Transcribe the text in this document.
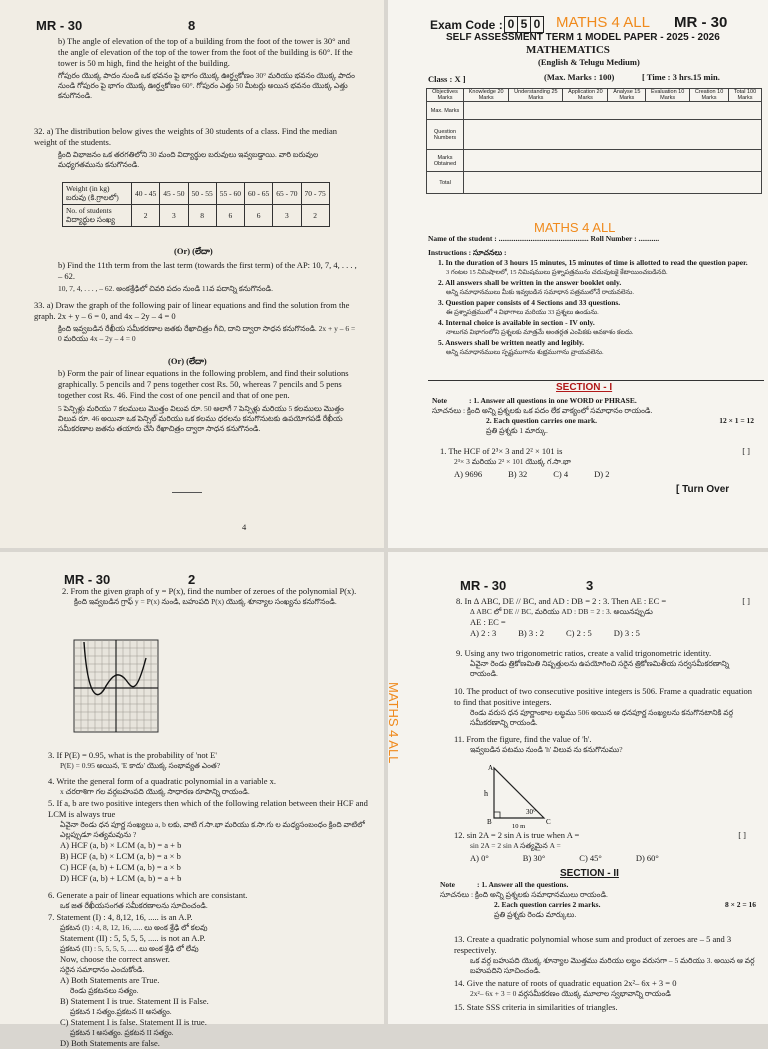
MR - 30	8
b) The angle of elevation of the top of a building from the foot of the tower is 30° and the angle of elevation of the top of the tower from the foot of the building is 60°. If the tower is 50 m high, find the height of the building.
గోపురం యొక్క పాదం నుండి ఒక భవనం పై భాగం యొక్క ఊర్ధ్వకోణం 30° మరియు భవనం యొక్క పాదం నుండి గోపురం పై భాగం యొక్క ఊర్ధ్వకోణం 60°. గోపురం ఎత్తు 50 మీటర్లు అయిన భవనం యొక్క ఎత్తు కనుగొనండి.
32. a) The distribution below gives the weights of 30 students of a class. Find the median weight of the students.
క్రింది విభాజనం ఒక తరగతిలోని 30 మంది విద్యార్థుల బరువులు ఇవ్వబడ్డాయి. వారి బరువుల మధ్యగతమును కనుగొనండి.
Weight (in kg)
బరువు (కి.గ్రాలలో)	40 - 45	45 - 50	50 - 55	55 - 60	60 - 65	65 - 70	70 - 75
No. of students
విద్యార్థుల సంఖ్య	2	3	8	6	6	3	2
(Or) (లేదా)
b) Find the 11th term from the last term (towards the first term) of the AP: 10, 7, 4, . . . , – 62.
10, 7, 4, . . . , – 62. అంకశ్రేఢిలో చివరి పదం నుండి 11వ పదాన్ని కనుగొనండి.
33. a) Draw the graph of the following pair of linear equations and find the solution from the graph. 2x + y – 6 = 0, and 4x – 2y – 4 = 0
క్రింది ఇవ్వబడిన రేఖీయ సమీకరణాల జతకు రేఖాచిత్రం గీచి, దాని ద్వారా సాధన కనుగొనండి. 2x + y – 6 = 0 మరియు 4x – 2y – 4 = 0
(Or) (లేదా)
b) Form the pair of linear equations in the following problem, and find their solutions graphically. 5 pencils and 7 pens together cost Rs. 50, whereas 7 pencils and 5 pens together cost Rs. 46. Find the cost of one pencil and that of one pen.
5 పెన్సిళ్లు మరియు 7 కలములు మొత్తం విలువ రూ. 50 అలాగే 7 పెన్సిళ్లు మరియు 5 కలములు మొత్తం విలువ రూ. 46 అయినా ఒక పెన్సిల్ మరియు ఒక కలము ధరలను కనుగొనుటకు ఉపయోగపడే రేఖీయ సమీకరణాల జతను తయారు చేసి రేఖాచిత్రం ద్వారా సాధన కనుగొనండి.
4
Exam Code : 0 5 0 MATHS 4 ALL MR - 30
SELF ASSESSMENT TERM 1 MODEL PAPER - 2025 - 2026
MATHEMATICS
(English & Telugu Medium)
Class : X ]	(Max. Marks : 100)	[ Time : 3 hrs.15 min.
Objectives Marks	Knowledge 20 Marks	Understanding 25 Marks	Application 20 Marks	Analyse 15 Marks	Evaluation 10 Marks	Creation 10 Marks	Total 100 Marks
Max. Marks							
Question Numbers							
Marks Obtained							
Total							
MATHS 4 ALL
Name of the student : ................................................ Roll Number : ...........
Instructions : సూచనలు :
1. In the duration of 3 hours 15 minutes, 15 minutes of time is allotted to read the question paper.
3 గంటల 15 నిమిషాలలో, 15 నిమిషములు ప్రశ్నాపత్రమును చదువుటకై కేటాయించబడినది.
2. All answers shall be written in the answer booklet only.
అన్ని సమాధానములు మీకు ఇవ్వబడిన సమాధాన పత్రములోనే రాయవలెను.
3. Question paper consists of 4 Sections and 33 questions.
ఈ ప్రశ్నాపత్రములో 4 విభాగాలు మరియు 33 ప్రశ్నలు ఉండును.
4. Internal choice is available in section - IV only.
నాలుగవ విభాగంలోని ప్రశ్నలకు మాత్రమే అంతర్గత ఎంపికకు అవకాశం కలదు.
5. Answers shall be written neatly and legibly.
అన్ని సమాధానములు స్పష్టముగాను శుభ్రముగాను వ్రాయవలెను.
SECTION - I
Note	: 1. Answer all questions in one WORD or PHRASE.
సూచనలు : క్రింది అన్ని ప్రశ్నలకు ఒక పదం లేక వాక్యంలో సమాధానం రాయండి.
2. Each question carries one mark.	12 × 1 = 12
ప్రతి ప్రశ్నకు 1 మార్కు.
1. The HCF of 2³× 3 and 2² × 101 is	[ ]
2³× 3 మరియు 2² × 101 యొక్క గ.సా.భా
A) 9696	B) 32	C) 4	D) 2
[ Turn Over
MR - 30	2
2. From the given graph of y = P(x), find the number of zeroes of the polynomial P(x).
క్రింది ఇవ్వబడిన గ్రాఫ్ y = P(x) నుండి, బహుపది P(x) యొక్క శూన్యాల సంఖ్యను కనుగొనండి.
3. If P(E) = 0.95, what is the probability of 'not E'
P(E) = 0.95 అయిన, 'E కాదు' యొక్క సంభావ్యత ఎంత?
4. Write the general form of a quadratic polynomial in a variable x.
x చరరాశిగా గల వర్గబహుపది యొక్క సాధారణ రూపాన్ని రాయండి.
5. If a, b are two positive integers then which of the following relation between their HCF and LCM is always true
ఏవైనా రెండు ధన పూర్ణ సంఖ్యలు a, b లకు, వాటి గ.సా.భా మరియు క.సా.గు ల మధ్యసంబంధం క్రింది వాటిలో ఎల్లప్పుడూ సత్యమవును ?
A) HCF (a, b) × LCM (a, b) = a + b
B) HCF (a, b) × LCM (a, b) = a × b
C) HCF (a, b) + LCM (a, b) = a × b
D) HCF (a, b) + LCM (a, b) = a + b
6. Generate a pair of linear equations which are consistant.
ఒక జత రేఖీయసంగత సమీకరణాలను సూచించండి.
7. Statement (I) : 4, 8,12, 16, ..... is an A.P.
ప్రకటన (I) : 4, 8, 12, 16, ..... లు అంక శ్రేఢి లో కలవు
Statement (II) : 5, 5, 5, 5, ..... is not an A.P.
ప్రకటన (II) : 5, 5, 5, 5, ..... లు అంక శ్రేఢి లో లేవు
Now, choose the correct answer.
సరైన సమాధానం ఎంచుకోండి.
A) Both Statements are True.
రెండు ప్రకటనలు సత్యం.
B) Statement I is true. Statement II is False.
ప్రకటన I సత్యం.ప్రకటన II అసత్యం.
C) Statement I is false. Statement II is true.
ప్రకటన I అసత్యం. ప్రకటన II సత్యం.
D) Both Statements are false.
MATHS 4 ALL
MR - 30	3
8. In Δ ABC, DE // BC, and AD : DB = 2 : 3. Then AE : EC =	[ ]
Δ ABC లో DE // BC, మరియు AD : DB = 2 : 3. అయినప్పుడు
AE : EC =
A) 2 : 3	B) 3 : 2	C) 2 : 5	D) 3 : 5
9. Using any two trigonometric ratios, create a valid trigonometric identity.
ఏవైనా రెండు త్రికోణమితి నిష్పత్తులను ఉపయోగించి సరైన త్రికోణమితీయ సర్వసమీకరణాన్ని రాయండి.
10. The product of two consecutive positive integers is 506. Frame a quadratic equation to find that positive integers.
రెండు వరుస ధన పూర్ణాంకాల లబ్ధము 506 అయిన ఆ ధనపూర్ణ సంఖ్యలను కనుగొనటానికి వర్గ సమీకరణాన్ని రాయండి.
11. From the figure, find the value of 'h'.
ఇవ్వబడిన పటము నుండి 'h' విలువ ను కనుగొనుము?
A
h
30°
B	C
10 m
12. sin 2A = 2 sin A is true when A =	[ ]
sin 2A = 2 sin A సత్యమైన A =
A) 0°	B) 30°	C) 45°	D) 60°
SECTION - II
Note	: 1. Answer all the questions.
సూచనలు : క్రింది అన్ని ప్రశ్నలకు సమాధానములు రాయండి.
2. Each question carries 2 marks.	8 × 2 = 16
ప్రతి ప్రశ్నకు రెండు మార్కులు.
13. Create a quadratic polynomial whose sum and product of zeroes are – 5 and 3 respectively.
ఒక వర్గ బహుపది యొక్క శూన్యాల మొత్తము మరియు లబ్ధం వరుసగా – 5 మరియు 3. అయిన ఆ వర్గ బహుపదిని సూచించండి.
14. Give the nature of roots of quadratic equation 2x²– 6x + 3 = 0
2x²– 6x + 3 = 0 వర్గసమీకరణం యొక్క మూలాల స్వభావాన్ని రాయండి
15. State SSS criteria in similarities of triangles.
